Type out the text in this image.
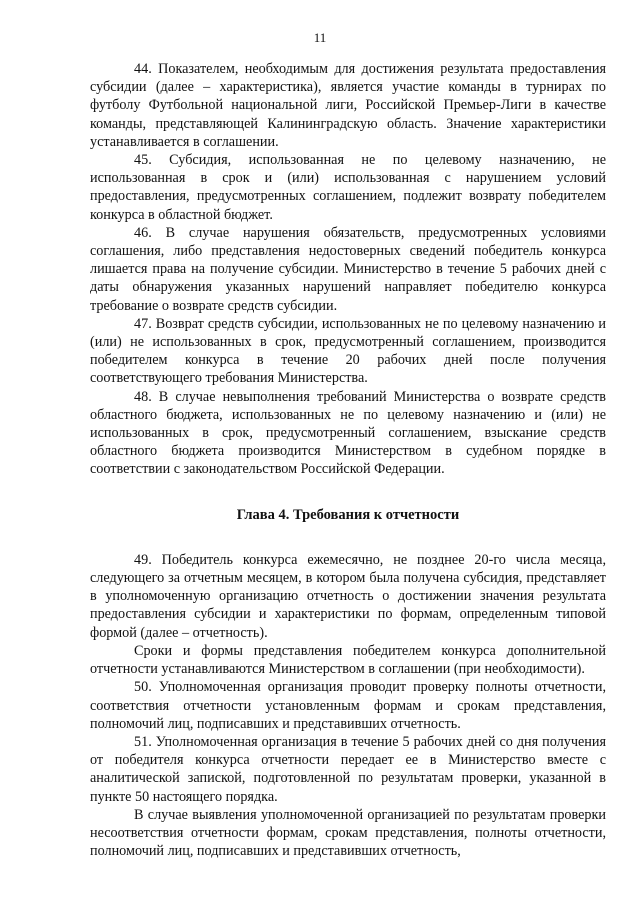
11

44. Показателем, необходимым для достижения результата предоставления субсидии (далее – характеристика), является участие команды в турнирах по футболу Футбольной национальной лиги, Российской Премьер-Лиги в качестве команды, представляющей Калининградскую область. Значение характеристики устанавливается в соглашении.

45. Субсидия, использованная не по целевому назначению, не использованная в срок и (или) использованная с нарушением условий предоставления, предусмотренных соглашением, подлежит возврату победителем конкурса в областной бюджет.

46. В случае нарушения обязательств, предусмотренных условиями соглашения, либо представления недостоверных сведений победитель конкурса лишается права на получение субсидии. Министерство в течение 5 рабочих дней с даты обнаружения указанных нарушений направляет победителю конкурса требование о возврате средств субсидии.

47. Возврат средств субсидии, использованных не по целевому назначению и (или) не использованных в срок, предусмотренный соглашением, производится победителем конкурса в течение 20 рабочих дней после получения соответствующего требования Министерства.

48. В случае невыполнения требований Министерства о возврате средств областного бюджета, использованных не по целевому назначению и (или) не использованных в срок, предусмотренный соглашением, взыскание средств областного бюджета производится Министерством в судебном порядке в соответствии с законодательством Российской Федерации.

Глава 4. Требования к отчетности

49. Победитель конкурса ежемесячно, не позднее 20-го числа месяца, следующего за отчетным месяцем, в котором была получена субсидия, представляет в уполномоченную организацию отчетность о достижении значения результата предоставления субсидии и характеристики по формам, определенным типовой формой (далее – отчетность).

Сроки и формы представления победителем конкурса дополнительной отчетности устанавливаются Министерством в соглашении (при необходимости).

50. Уполномоченная организация проводит проверку полноты отчетности, соответствия отчетности установленным формам и срокам представления, полномочий лиц, подписавших и представивших отчетность.

51. Уполномоченная организация в течение 5 рабочих дней со дня получения от победителя конкурса отчетности передает ее в Министерство вместе с аналитической запиской, подготовленной по результатам проверки, указанной в пункте 50 настоящего порядка.

В случае выявления уполномоченной организацией по результатам проверки несоответствия отчетности формам, срокам представления, полноты отчетности, полномочий лиц, подписавших и представивших отчетность,
